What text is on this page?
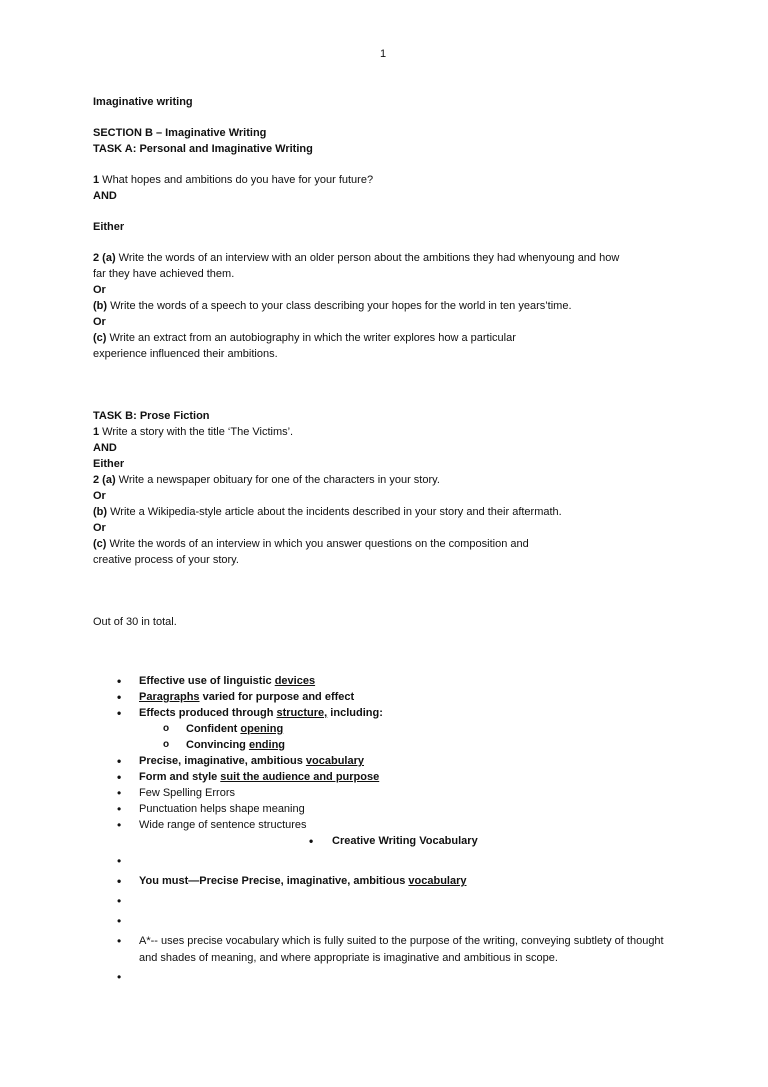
1
Imaginative writing
SECTION B – Imaginative Writing
TASK A: Personal and Imaginative Writing
1 What hopes and ambitions do you have for your future?
AND
Either
2 (a) Write the words of an interview with an older person about the ambitions they had whenyoung and how
far they have achieved them.
Or
(b) Write the words of a speech to your class describing your hopes for the world in ten years’time.
Or
(c) Write an extract from an autobiography in which the writer explores how a particular
experience influenced their ambitions.
TASK B: Prose Fiction
1 Write a story with the title ‘The Victims’.
AND
Either
2 (a) Write a newspaper obituary for one of the characters in your story.
Or
(b) Write a Wikipedia-style article about the incidents described in your story and their aftermath.
Or
(c) Write the words of an interview in which you answer questions on the composition and
creative process of your story.
Out of 30 in total.
• Effective use of linguistic devices
• Paragraphs varied for purpose and effect
• Effects produced through structure, including:
o Confident opening
o Convincing ending
• Precise, imaginative, ambitious vocabulary
• Form and style suit the audience and purpose
• Few Spelling Errors
• Punctuation helps shape meaning
• Wide range of sentence structures
• Creative Writing Vocabulary
•
• You must—Precise Precise, imaginative, ambitious vocabulary
•
•
• A*-- uses precise vocabulary which is fully suited to the purpose of the writing, conveying subtlety of thought and shades of meaning, and where appropriate is imaginative and ambitious in scope.
•
